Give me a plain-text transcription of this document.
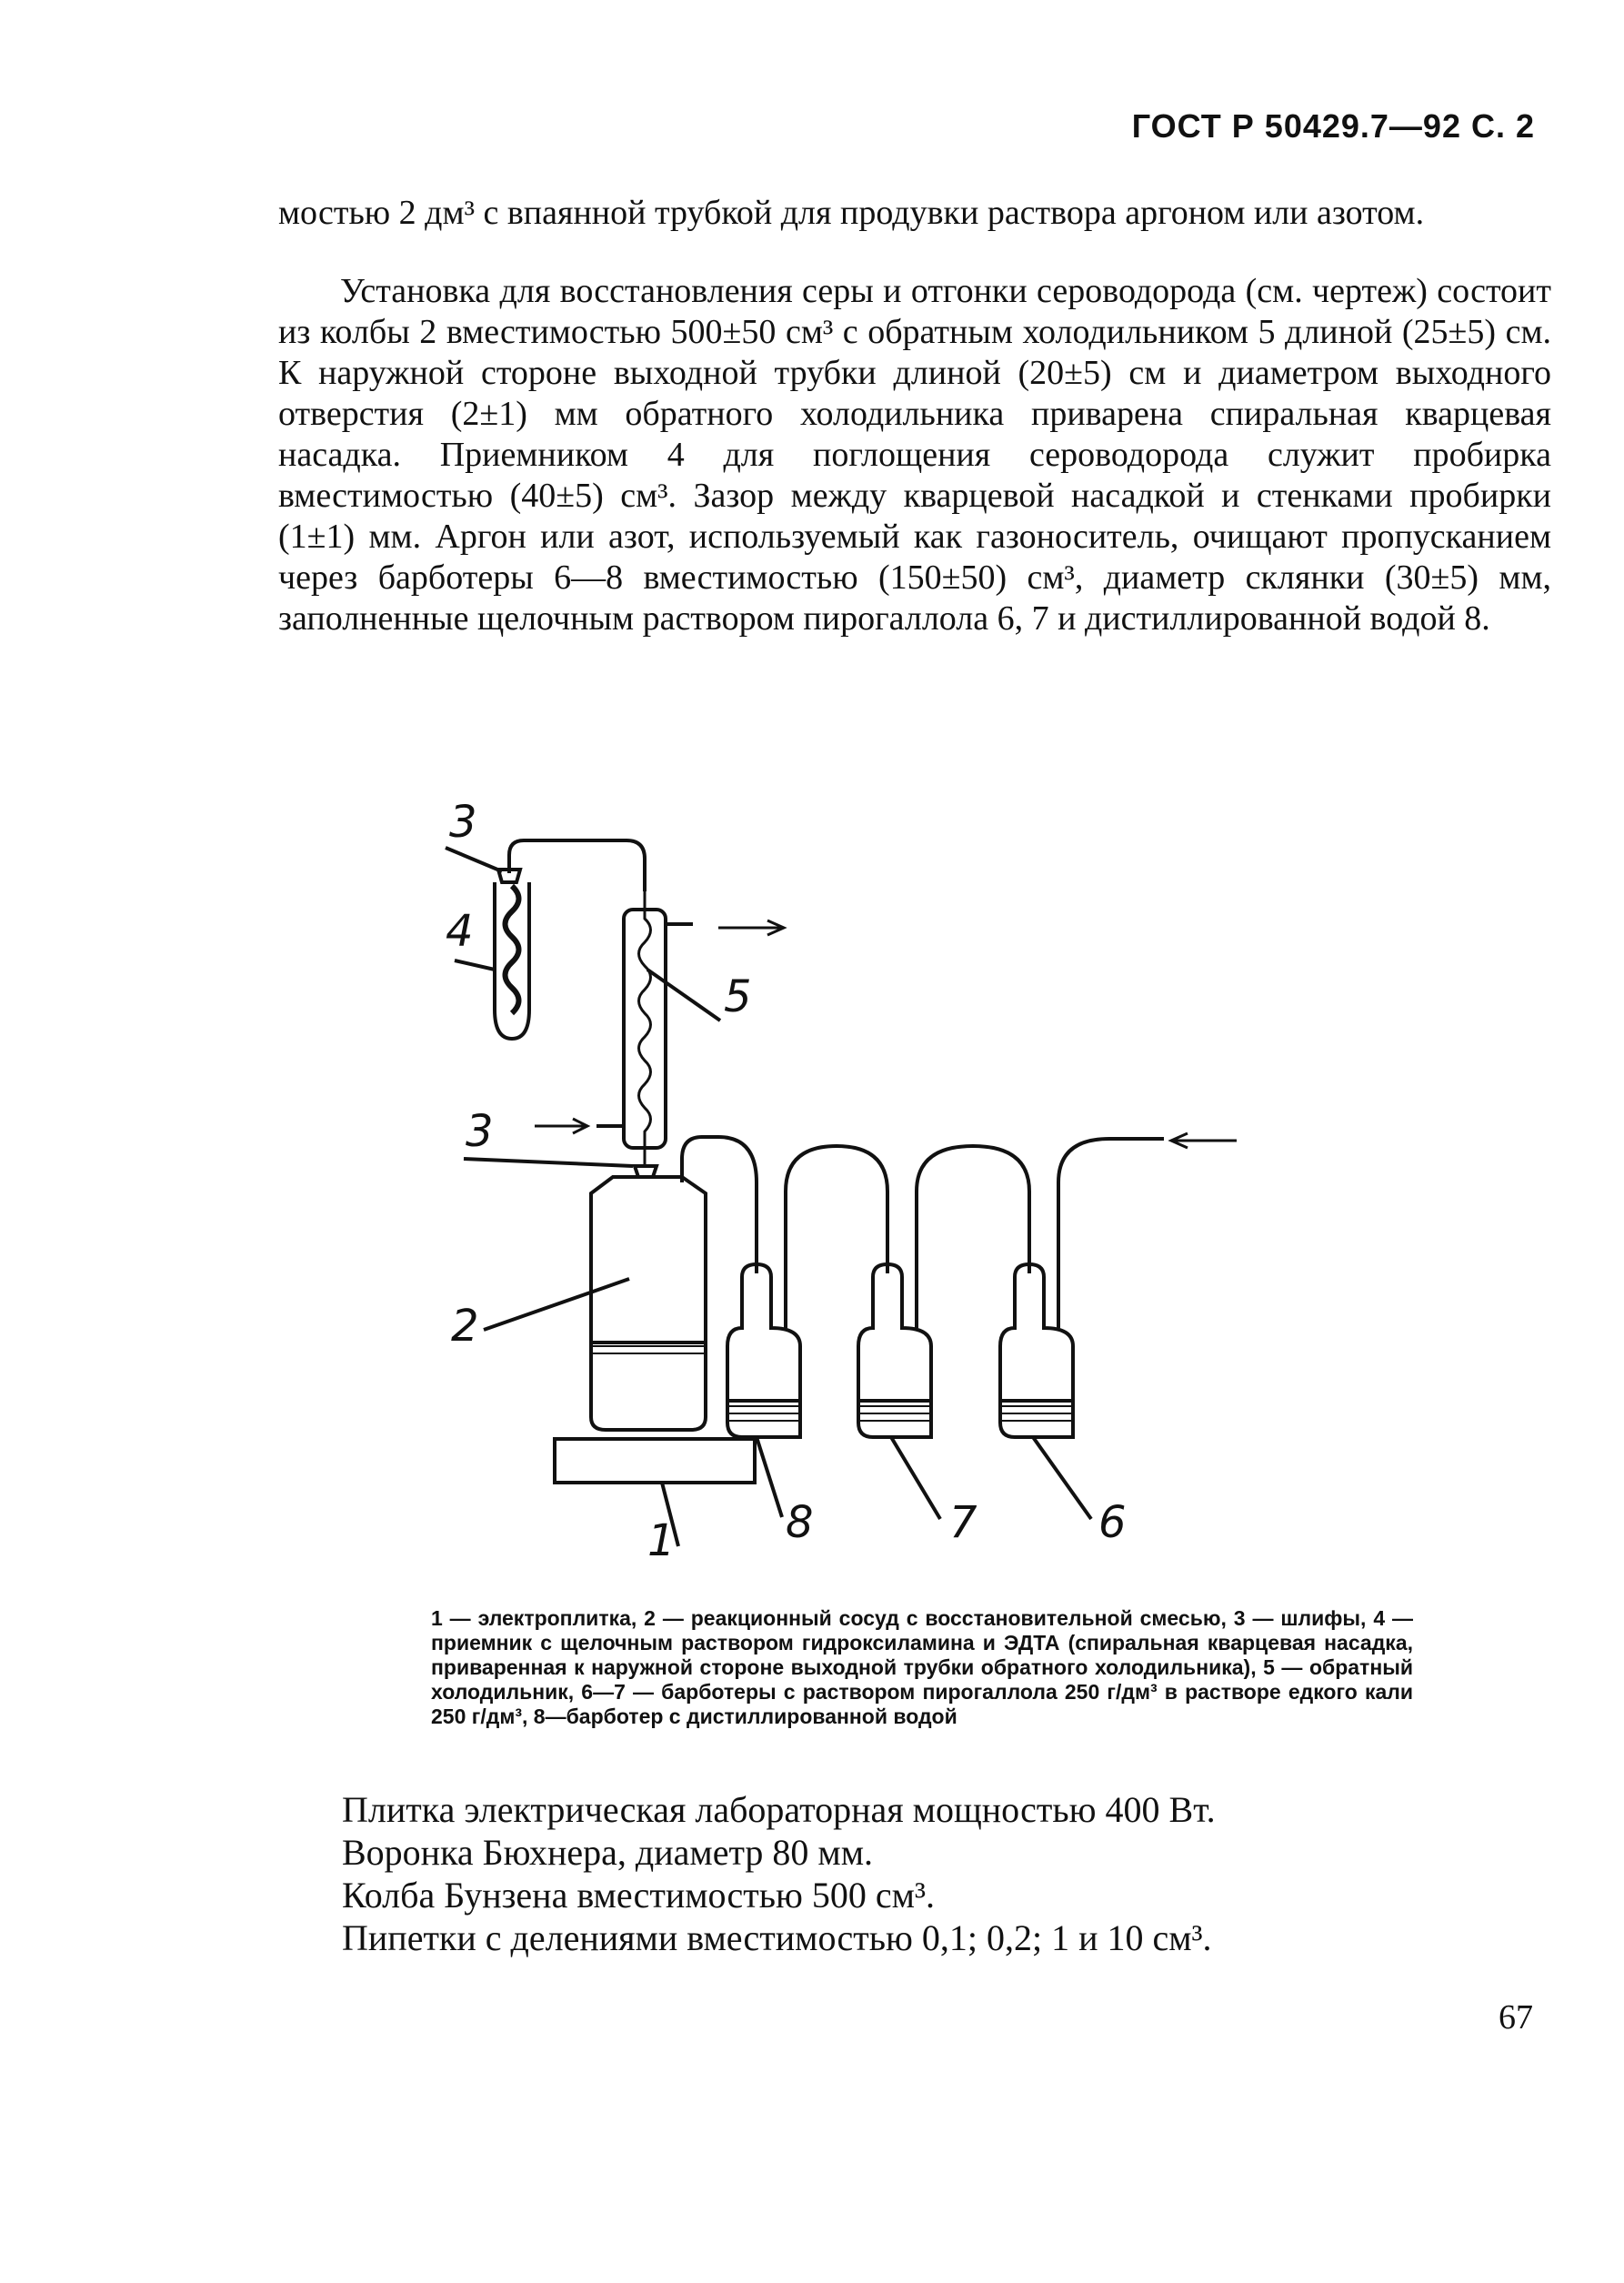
ГОСТ Р 50429.7—92 С. 2

мостью 2 дм³ с впаянной трубкой для продувки раствора аргоном или азотом.

Установка для восстановления серы и отгонки сероводорода (см. чертеж) состоит из колбы 2 вместимостью 500±50 см³ с обратным холодильником 5 длиной (25±5) см. К наружной стороне выходной трубки длиной (20±5) см и диаметром выходного отверстия (2±1) мм обратного холодильника приварена спиральная кварцевая насадка. Приемником 4 для поглощения сероводорода служит пробирка вместимостью (40±5) см³. Зазор между кварцевой насадкой и стенками пробирки (1±1) мм. Аргон или азот, используемый как газоноситель, очищают пропусканием через барботеры 6—8 вместимостью (150±50) см³, диаметр склянки (30±5) мм, заполненные щелочным раствором пирогаллола 6, 7 и дистиллированной водой 8.

1
2
3
5
3
4
8	7	6
1 — электроплитка, 2 — реакционный сосуд с восстановительной смесью, 3 — шлифы, 4 — приемник с щелочным раствором гидроксиламина и ЭДТА (спиральная кварцевая насадка, приваренная к наружной стороне выходной трубки обратного холодильника), 5 — обратный холодильник, 6—7 — барботеры с раствором пирогаллола 250 г/дм³ в растворе едкого кали 250 г/дм³, 8—барботер с дистиллированной водой
Плитка электрическая лабораторная мощностью 400 Вт.
Воронка Бюхнера, диаметр 80 мм.
Колба Бунзена вместимостью 500 см³.
Пипетки с делениями вместимостью 0,1; 0,2; 1 и 10 см³.
67
